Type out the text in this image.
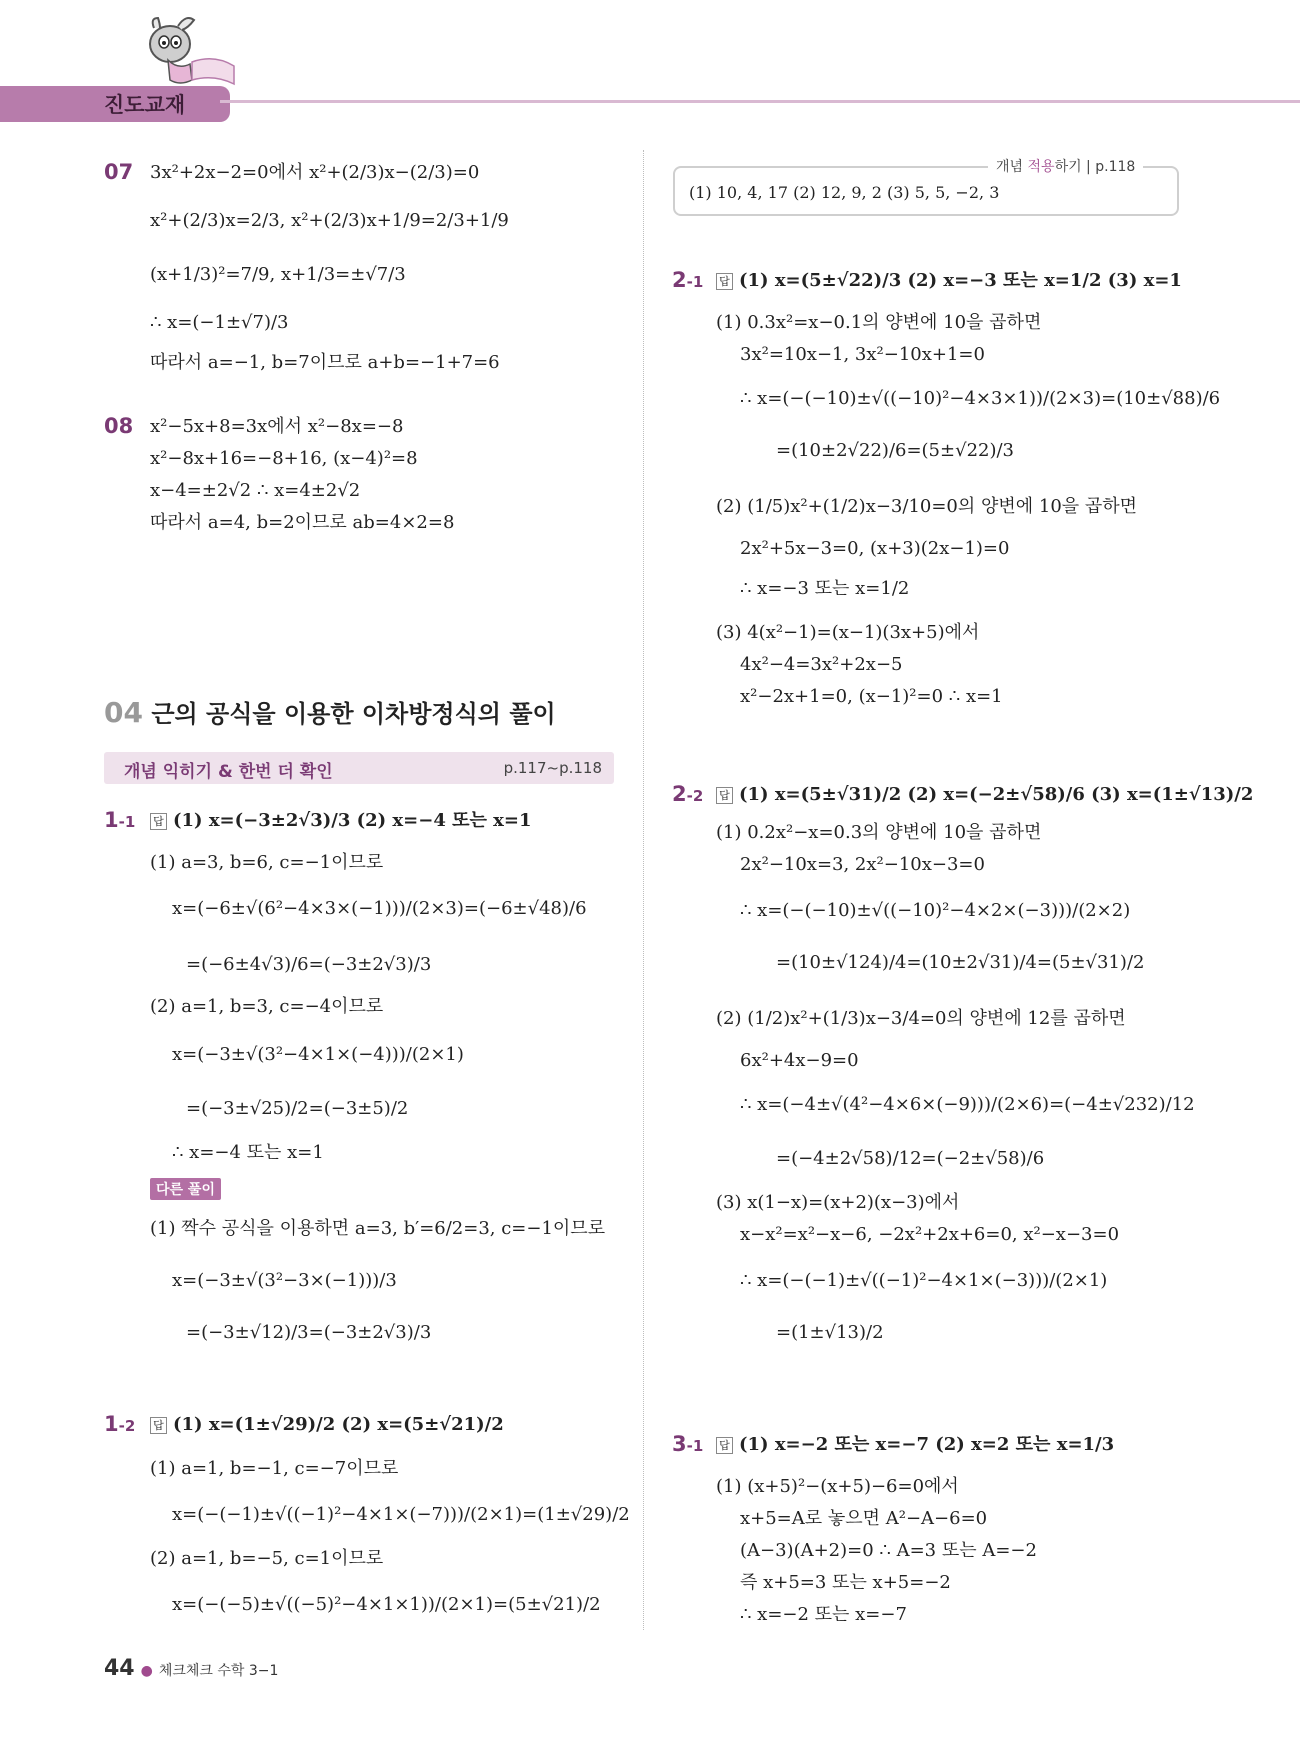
진도교재
07 3x²+2x−2=0에서 x²+(2/3)x−(2/3)=0
x²+(2/3)x=2/3, x²+(2/3)x+1/9=2/3+1/9
(x+1/3)²=7/9, x+1/3=±√7/3
∴ x=(−1±√7)/3
따라서 a=−1, b=7이므로 a+b=−1+7=6
08 x²−5x+8=3x에서 x²−8x=−8
x²−8x+16=−8+16, (x−4)²=8
x−4=±2√2 ∴ x=4±2√2
따라서 a=4, b=2이므로 ab=4×2=8
04 근의 공식을 이용한 이차방정식의 풀이
개념 익히기 & 한번 더 확인	p.117~p.118
1-1 답 (1) x=(−3±2√3)/3 (2) x=−4 또는 x=1
(1) a=3, b=6, c=−1이므로
x=(−6±√(6²−4×3×(−1)))/(2×3)=(−6±√48)/6
=(−6±4√3)/6=(−3±2√3)/3
(2) a=1, b=3, c=−4이므로
x=(−3±√(3²−4×1×(−4)))/(2×1)
=(−3±√25)/2=(−3±5)/2
∴ x=−4 또는 x=1
다른 풀이
(1) 짝수 공식을 이용하면 a=3, b′=6/2=3, c=−1이므로
x=(−3±√(3²−3×(−1)))/3
=(−3±√12)/3=(−3±2√3)/3
1-2 답 (1) x=(1±√29)/2 (2) x=(5±√21)/2
(1) a=1, b=−1, c=−7이므로
x=(−(−1)±√((−1)²−4×1×(−7)))/(2×1)=(1±√29)/2
(2) a=1, b=−5, c=1이므로
x=(−(−5)±√((−5)²−4×1×1))/(2×1)=(5±√21)/2
(1) 10, 4, 17 (2) 12, 9, 2 (3) 5, 5, −2, 3
개념 적용하기 | p.118
2-1 답 (1) x=(5±√22)/3 (2) x=−3 또는 x=1/2 (3) x=1
(1) 0.3x²=x−0.1의 양변에 10을 곱하면
3x²=10x−1, 3x²−10x+1=0
∴ x=(−(−10)±√((−10)²−4×3×1))/(2×3)=(10±√88)/6
=(10±2√22)/6=(5±√22)/3
(2) (1/5)x²+(1/2)x−3/10=0의 양변에 10을 곱하면
2x²+5x−3=0, (x+3)(2x−1)=0
∴ x=−3 또는 x=1/2
(3) 4(x²−1)=(x−1)(3x+5)에서
4x²−4=3x²+2x−5
x²−2x+1=0, (x−1)²=0 ∴ x=1
2-2 답 (1) x=(5±√31)/2 (2) x=(−2±√58)/6 (3) x=(1±√13)/2
(1) 0.2x²−x=0.3의 양변에 10을 곱하면
2x²−10x=3, 2x²−10x−3=0
∴ x=(−(−10)±√((−10)²−4×2×(−3)))/(2×2)
=(10±√124)/4=(10±2√31)/4=(5±√31)/2
(2) (1/2)x²+(1/3)x−3/4=0의 양변에 12를 곱하면
6x²+4x−9=0
∴ x=(−4±√(4²−4×6×(−9)))/(2×6)=(−4±√232)/12
=(−4±2√58)/12=(−2±√58)/6
(3) x(1−x)=(x+2)(x−3)에서
x−x²=x²−x−6, −2x²+2x+6=0, x²−x−3=0
∴ x=(−(−1)±√((−1)²−4×1×(−3)))/(2×1)
=(1±√13)/2
3-1 답 (1) x=−2 또는 x=−7 (2) x=2 또는 x=1/3
(1) (x+5)²−(x+5)−6=0에서
x+5=A로 놓으면 A²−A−6=0
(A−3)(A+2)=0 ∴ A=3 또는 A=−2
즉 x+5=3 또는 x+5=−2
∴ x=−2 또는 x=−7
44 ● 체크체크 수학 3−1
